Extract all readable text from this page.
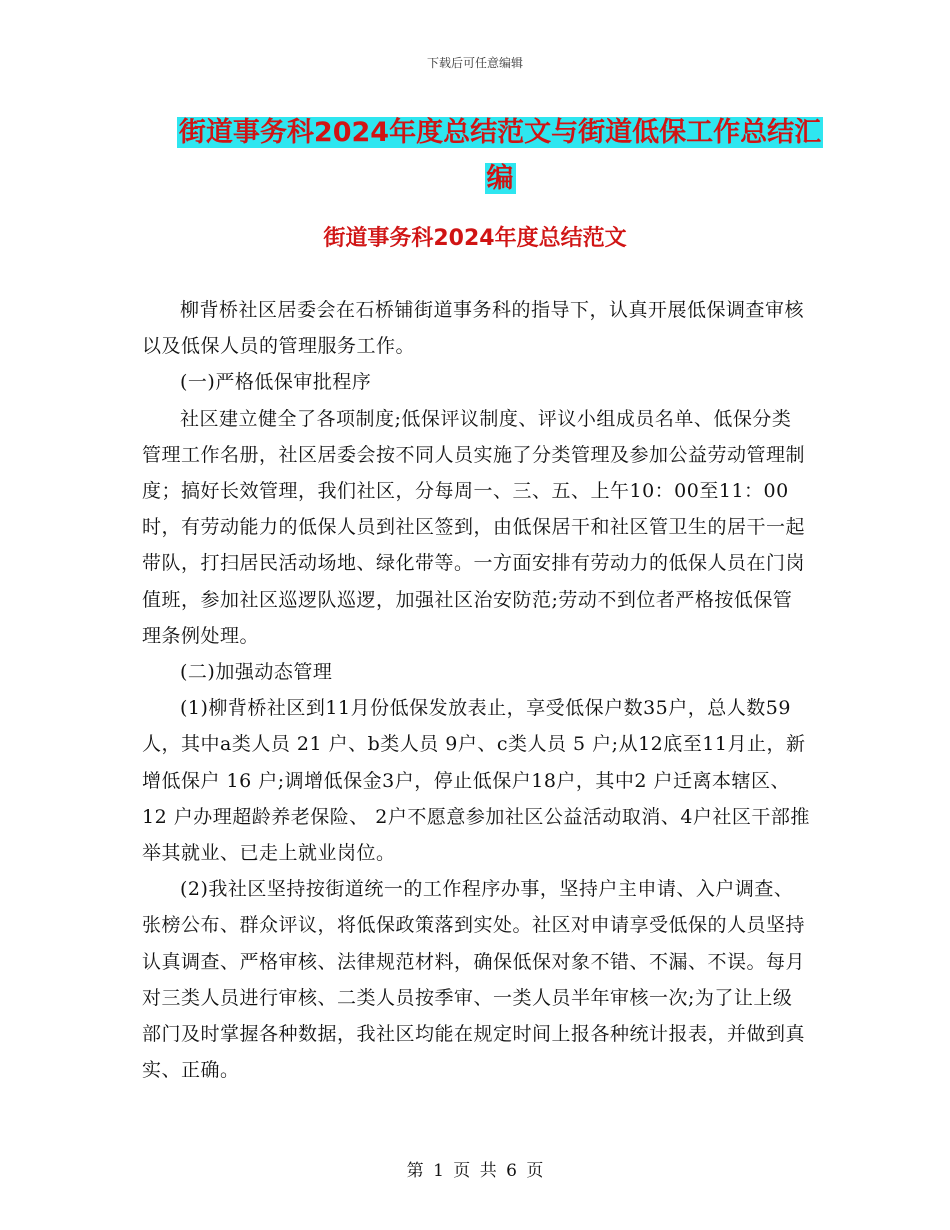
下载后可任意编辑
街道事务科2024年度总结范文与街道低保工作总结汇
编
街道事务科2024年度总结范文

柳背桥社区居委会在石桥铺街道事务科的指导下，认真开展低保调查审核以及低保人员的管理服务工作。

(一)严格低保审批程序

社区建立健全了各项制度;低保评议制度、评议小组成员名单、低保分类管理工作名册，社区居委会按不同人员实施了分类管理及参加公益劳动管理制度；搞好长效管理，我们社区，分每周一、三、五、上午10：00至11：00时，有劳动能力的低保人员到社区签到，由低保居干和社区管卫生的居干一起带队，打扫居民活动场地、绿化带等。一方面安排有劳动力的低保人员在门岗值班，参加社区巡逻队巡逻，加强社区治安防范;劳动不到位者严格按低保管理条例处理。

(二)加强动态管理

(1)柳背桥社区到11月份低保发放表止，享受低保户数35户，总人数59人，其中a类人员 21 户、b类人员 9户、c类人员 5 户;从12底至11月止，新增低保户 16 户;调增低保金3户，停止低保户18户，其中2 户迁离本辖区、12 户办理超龄养老保险、 2户不愿意参加社区公益活动取消、4户社区干部推举其就业、已走上就业岗位。

(2)我社区坚持按街道统一的工作程序办事，坚持户主申请、入户调查、张榜公布、群众评议，将低保政策落到实处。社区对申请享受低保的人员坚持认真调查、严格审核、法律规范材料，确保低保对象不错、不漏、不误。每月对三类人员进行审核、二类人员按季审、一类人员半年审核一次;为了让上级部门及时掌握各种数据，我社区均能在规定时间上报各种统计报表，并做到真实、正确。

第 1 页 共 6 页
